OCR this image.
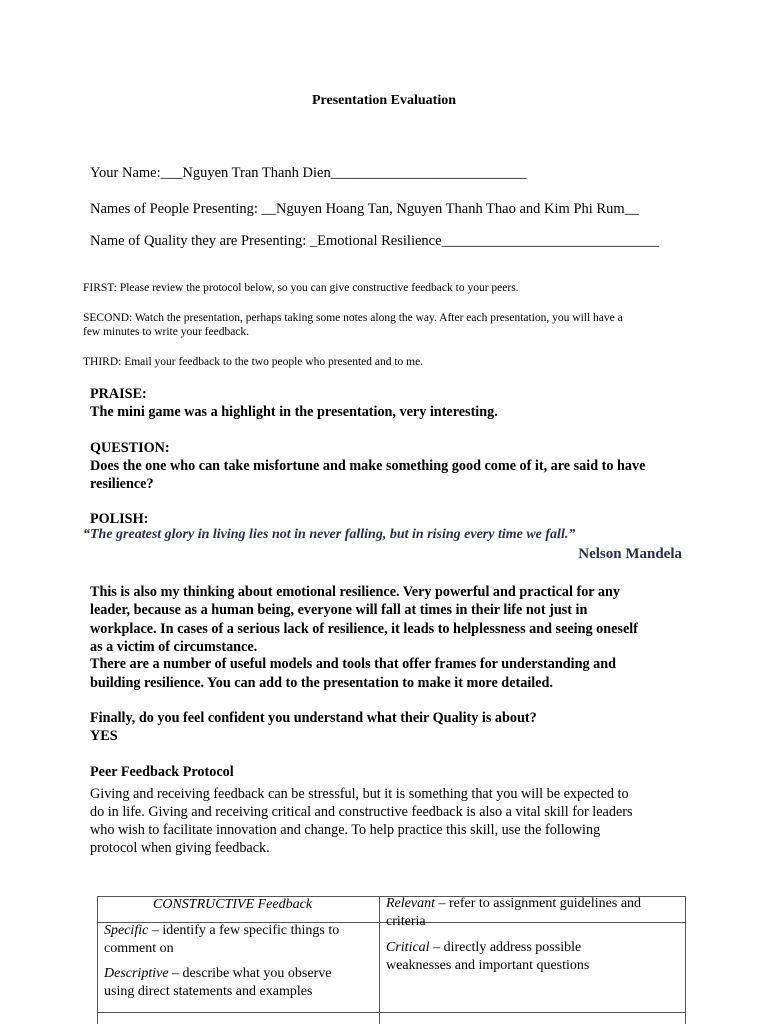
Presentation Evaluation
Your Name:___Nguyen Tran Thanh Dien___________________________
Names of People Presenting: __Nguyen Hoang Tan, Nguyen Thanh Thao and Kim Phi Rum__
Name of Quality they are Presenting: _Emotional Resilience______________________________
FIRST: Please review the protocol below, so you can give constructive feedback to your peers.
SECOND: Watch the presentation, perhaps taking some notes along the way. After each presentation, you will have a
few minutes to write your feedback.
THIRD: Email your feedback to the two people who presented and to me.
PRAISE:
The mini game was a highlight in the presentation, very interesting.
QUESTION:
Does the one who can take misfortune and make something good come of it, are said to have
resilience?
POLISH:
“The greatest glory in living lies not in never falling, but in rising every time we fall.”
Nelson Mandela
This is also my thinking about emotional resilience. Very powerful and practical for any
leader, because as a human being, everyone will fall at times in their life not just in
workplace. In cases of a serious lack of resilience, it leads to helplessness and seeing oneself
as a victim of circumstance.
There are a number of useful models and tools that offer frames for understanding and
building resilience. You can add to the presentation to make it more detailed.
Finally, do you feel confident you understand what their Quality is about?
YES
Peer Feedback Protocol
Giving and receiving feedback can be stressful, but it is something that you will be expected to
do in life. Giving and receiving critical and constructive feedback is also a vital skill for leaders
who wish to facilitate innovation and change. To help practice this skill, use the following
protocol when giving feedback.
CONSTRUCTIVE Feedback	Relevant – refer to assignment guidelines and
criteria
Specific – identify a few specific things to
comment on	Critical – directly address possible
weaknesses and important questions
Descriptive – describe what you observe
using direct statements and examples
